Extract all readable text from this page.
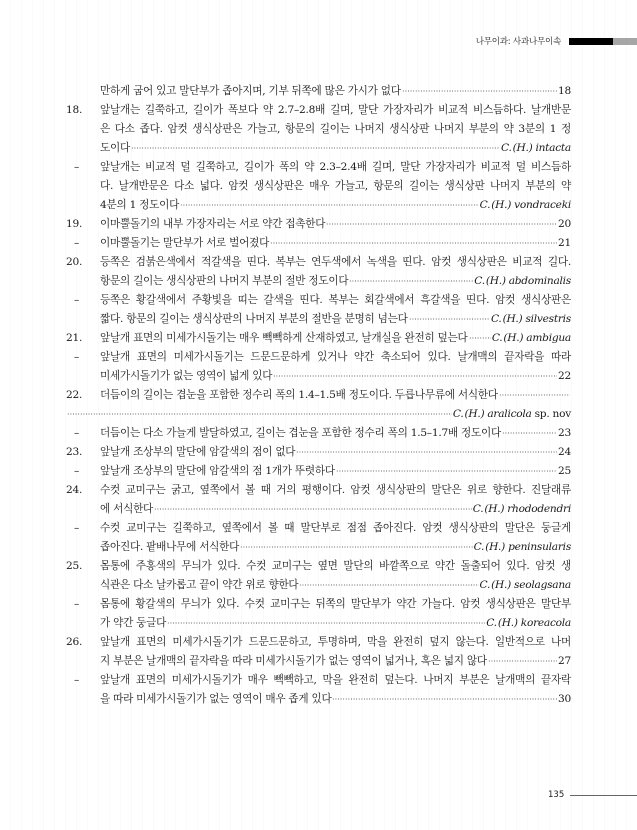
나무이과: 사과나무이속
만하게 굽어 있고 말단부가 좁아지며, 기부 뒤쪽에 많은 가시가 없다	18
18.	앞날개는 길쭉하고, 길이가 폭보다 약 2.7–2.8배 길며, 말단 가장자리가 비교적 비스듬하다. 날개반문
은 다소 좁다. 암컷 생식상판은 가늘고, 항문의 길이는 나머지 생식상판 나머지 부분의 약 3분의 1 정
도이다	C.(H.) intacta
–	앞날개는 비교적 덜 길쭉하고, 길이가 폭의 약 2.3–2.4배 길며, 말단 가장자리가 비교적 덜 비스듬하
다. 날개반문은 다소 넓다. 암컷 생식상판은 매우 가늘고, 항문의 길이는 생식상판 나머지 부분의 약
4분의 1 정도이다	C.(H.) vondraceki
19.	이마뿔돌기의 내부 가장자리는 서로 약간 접촉한다	20
–	이마뿔돌기는 말단부가 서로 벌어졌다	21
20.	등쪽은 검붉은색에서 적갈색을 띤다. 복부는 연두색에서 녹색을 띤다. 암컷 생식상판은 비교적 길다.
항문의 길이는 생식상판의 나머지 부분의 절반 정도이다	C.(H.) abdominalis
–	등쪽은 황갈색에서 주황빛을 띠는 갈색을 띤다. 복부는 회갈색에서 흑갈색을 띤다. 암컷 생식상판은
짧다. 항문의 길이는 생식상판의 나머지 부분의 절반을 분명히 넘는다	C.(H.) silvestris
21.	앞날개 표면의 미세가시돌기는 매우 빽빽하게 산재하였고, 날개실을 완전히 덮는다 C.(H.) ambigua
–	앞날개 표면의 미세가시돌기는 드문드문하게 있거나 약간 축소되어 있다. 날개맥의 끝자락을 따라
미세가시돌기가 없는 영역이 넓게 있다	22
22.	더듬이의 길이는 겹눈을 포함한 정수리 폭의 1.4–1.5배 정도이다. 두릅나무류에 서식한다
C.(H.) aralicola sp. nov
–	더듬이는 다소 가늘게 발달하였고, 길이는 겹눈을 포함한 정수리 폭의 1.5–1.7배 정도이다	23
23.	앞날개 조상부의 말단에 암갈색의 점이 없다	24
–	앞날개 조상부의 말단에 암갈색의 점 1개가 뚜렷하다	25
24.	수컷 교미구는 굵고, 옆쪽에서 볼 때 거의 평행이다. 암컷 생식상판의 말단은 위로 향한다. 진달래류
에 서식한다	C.(H.) rhododendri
–	수컷 교미구는 길쭉하고, 옆쪽에서 볼 때 말단부로 점점 좁아진다. 암컷 생식상판의 말단은 둥글게
좁아진다. 팥배나무에 서식한다	C.(H.) peninsularis
25.	몸통에 주홍색의 무늬가 있다. 수컷 교미구는 옆면 말단의 바깥쪽으로 약간 돌출되어 있다. 암컷 생
식관은 다소 날카롭고 끝이 약간 위로 향한다	C.(H.) seolagsana
–	몸통에 황갈색의 무늬가 있다. 수컷 교미구는 뒤쪽의 말단부가 약간 가늘다. 암컷 생식상판은 말단부
가 약간 둥글다	C.(H.) koreacola
26.	앞날개 표면의 미세가시돌기가 드문드문하고, 투명하며, 막을 완전히 덮지 않는다. 일반적으로 나머
지 부분은 날개맥의 끝자락을 따라 미세가시돌기가 없는 영역이 넓거나, 혹은 넓지 않다	27
–	앞날개 표면의 미세가시돌기가 매우 빽빽하고, 막을 완전히 덮는다. 나머지 부분은 날개맥의 끝자락
을 따라 미세가시돌기가 없는 영역이 매우 좁게 있다	30
135
